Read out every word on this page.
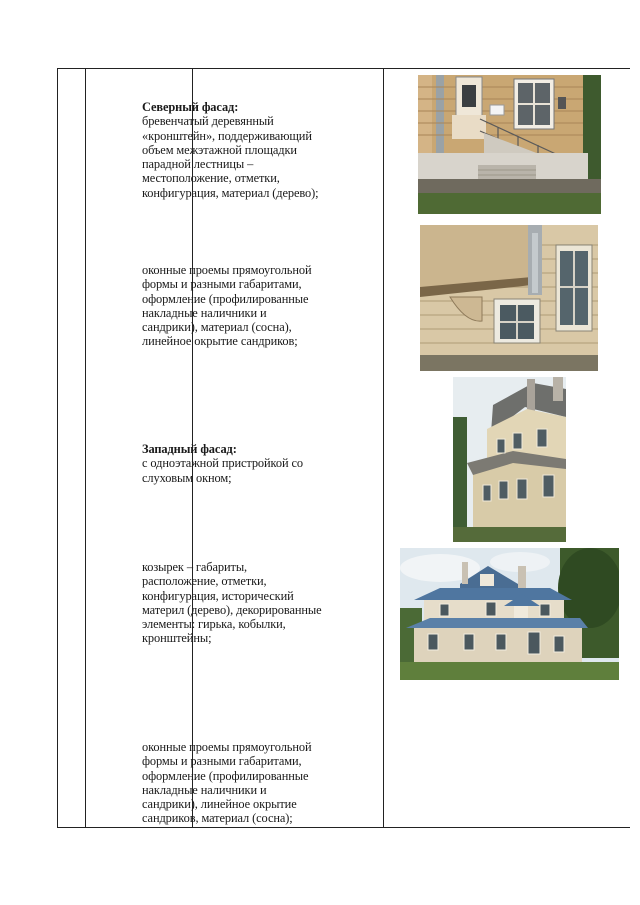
Северный фасад:
бревенчатый деревянный «кронштейн», поддерживающий объем межэтажной площадки парадной лестницы – местоположение, отметки, конфигурация, материал (дерево);
оконные проемы прямоугольной формы и разными габаритами, оформление (профилированные накладные наличники и сандрики), материал (сосна), линейное окрытие сандриков;
Западный фасад:
с одноэтажной пристройкой со слуховым окном;
козырек – габариты, расположение, отметки, конфигурация, исторический материл (дерево), декорированные элементы: гирька, кобылки, кронштейны;
оконные проемы прямоугольной формы и разными габаритами, оформление (профилированные накладные наличники и сандрики), линейное окрытие сандриков, материал (сосна);
